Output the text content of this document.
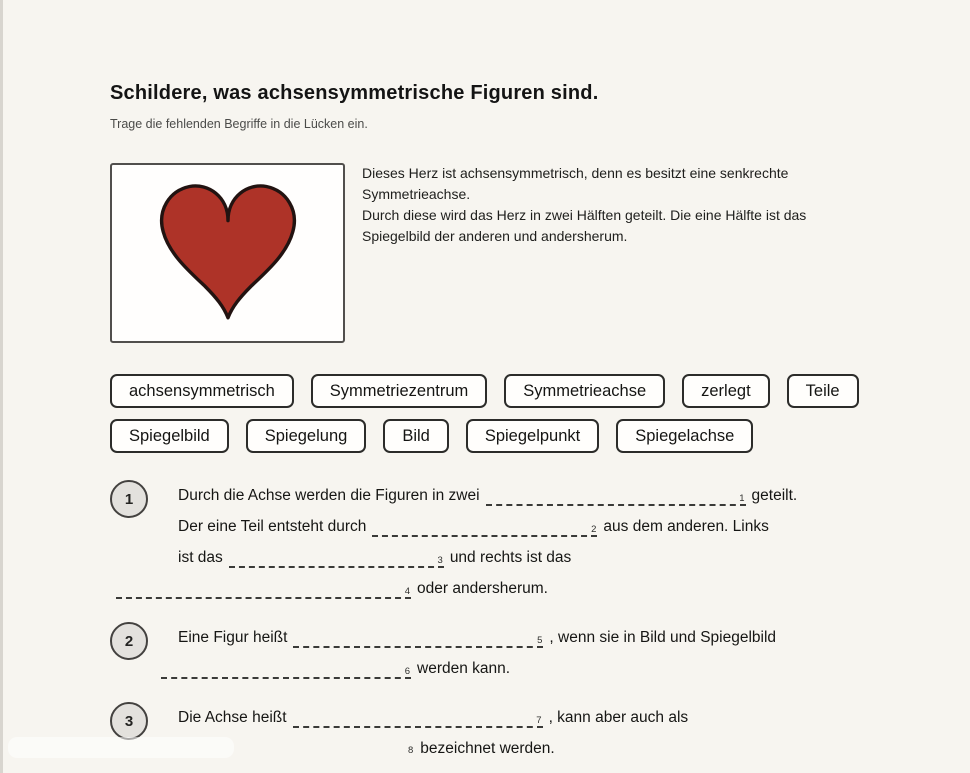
Schildere, was achsensymmetrische Figuren sind.
Trage die fehlenden Begriffe in die Lücken ein.
Dieses Herz ist achsensymmetrisch, denn es besitzt eine senkrechte
Symmetrieachse.
Durch diese wird das Herz in zwei Hälften geteilt. Die eine Hälfte ist das
Spiegelbild der anderen und andersherum.
achsensymmetrisch	Symmetriezentrum	Symmetrieachse	zerlegt	Teile
Spiegelbild	Spiegelung	Bild	Spiegelpunkt	Spiegelachse
1	Durch die Achse werden die Figuren in zwei	1 geteilt.
Der eine Teil entsteht durch	2 aus dem anderen. Links
ist das	3 und rechts ist das
4 oder andersherum.
2	Eine Figur heißt	5 , wenn sie in Bild und Spiegelbild
6 werden kann.
3	Die Achse heißt	7 , kann aber auch als
8 bezeichnet werden.
